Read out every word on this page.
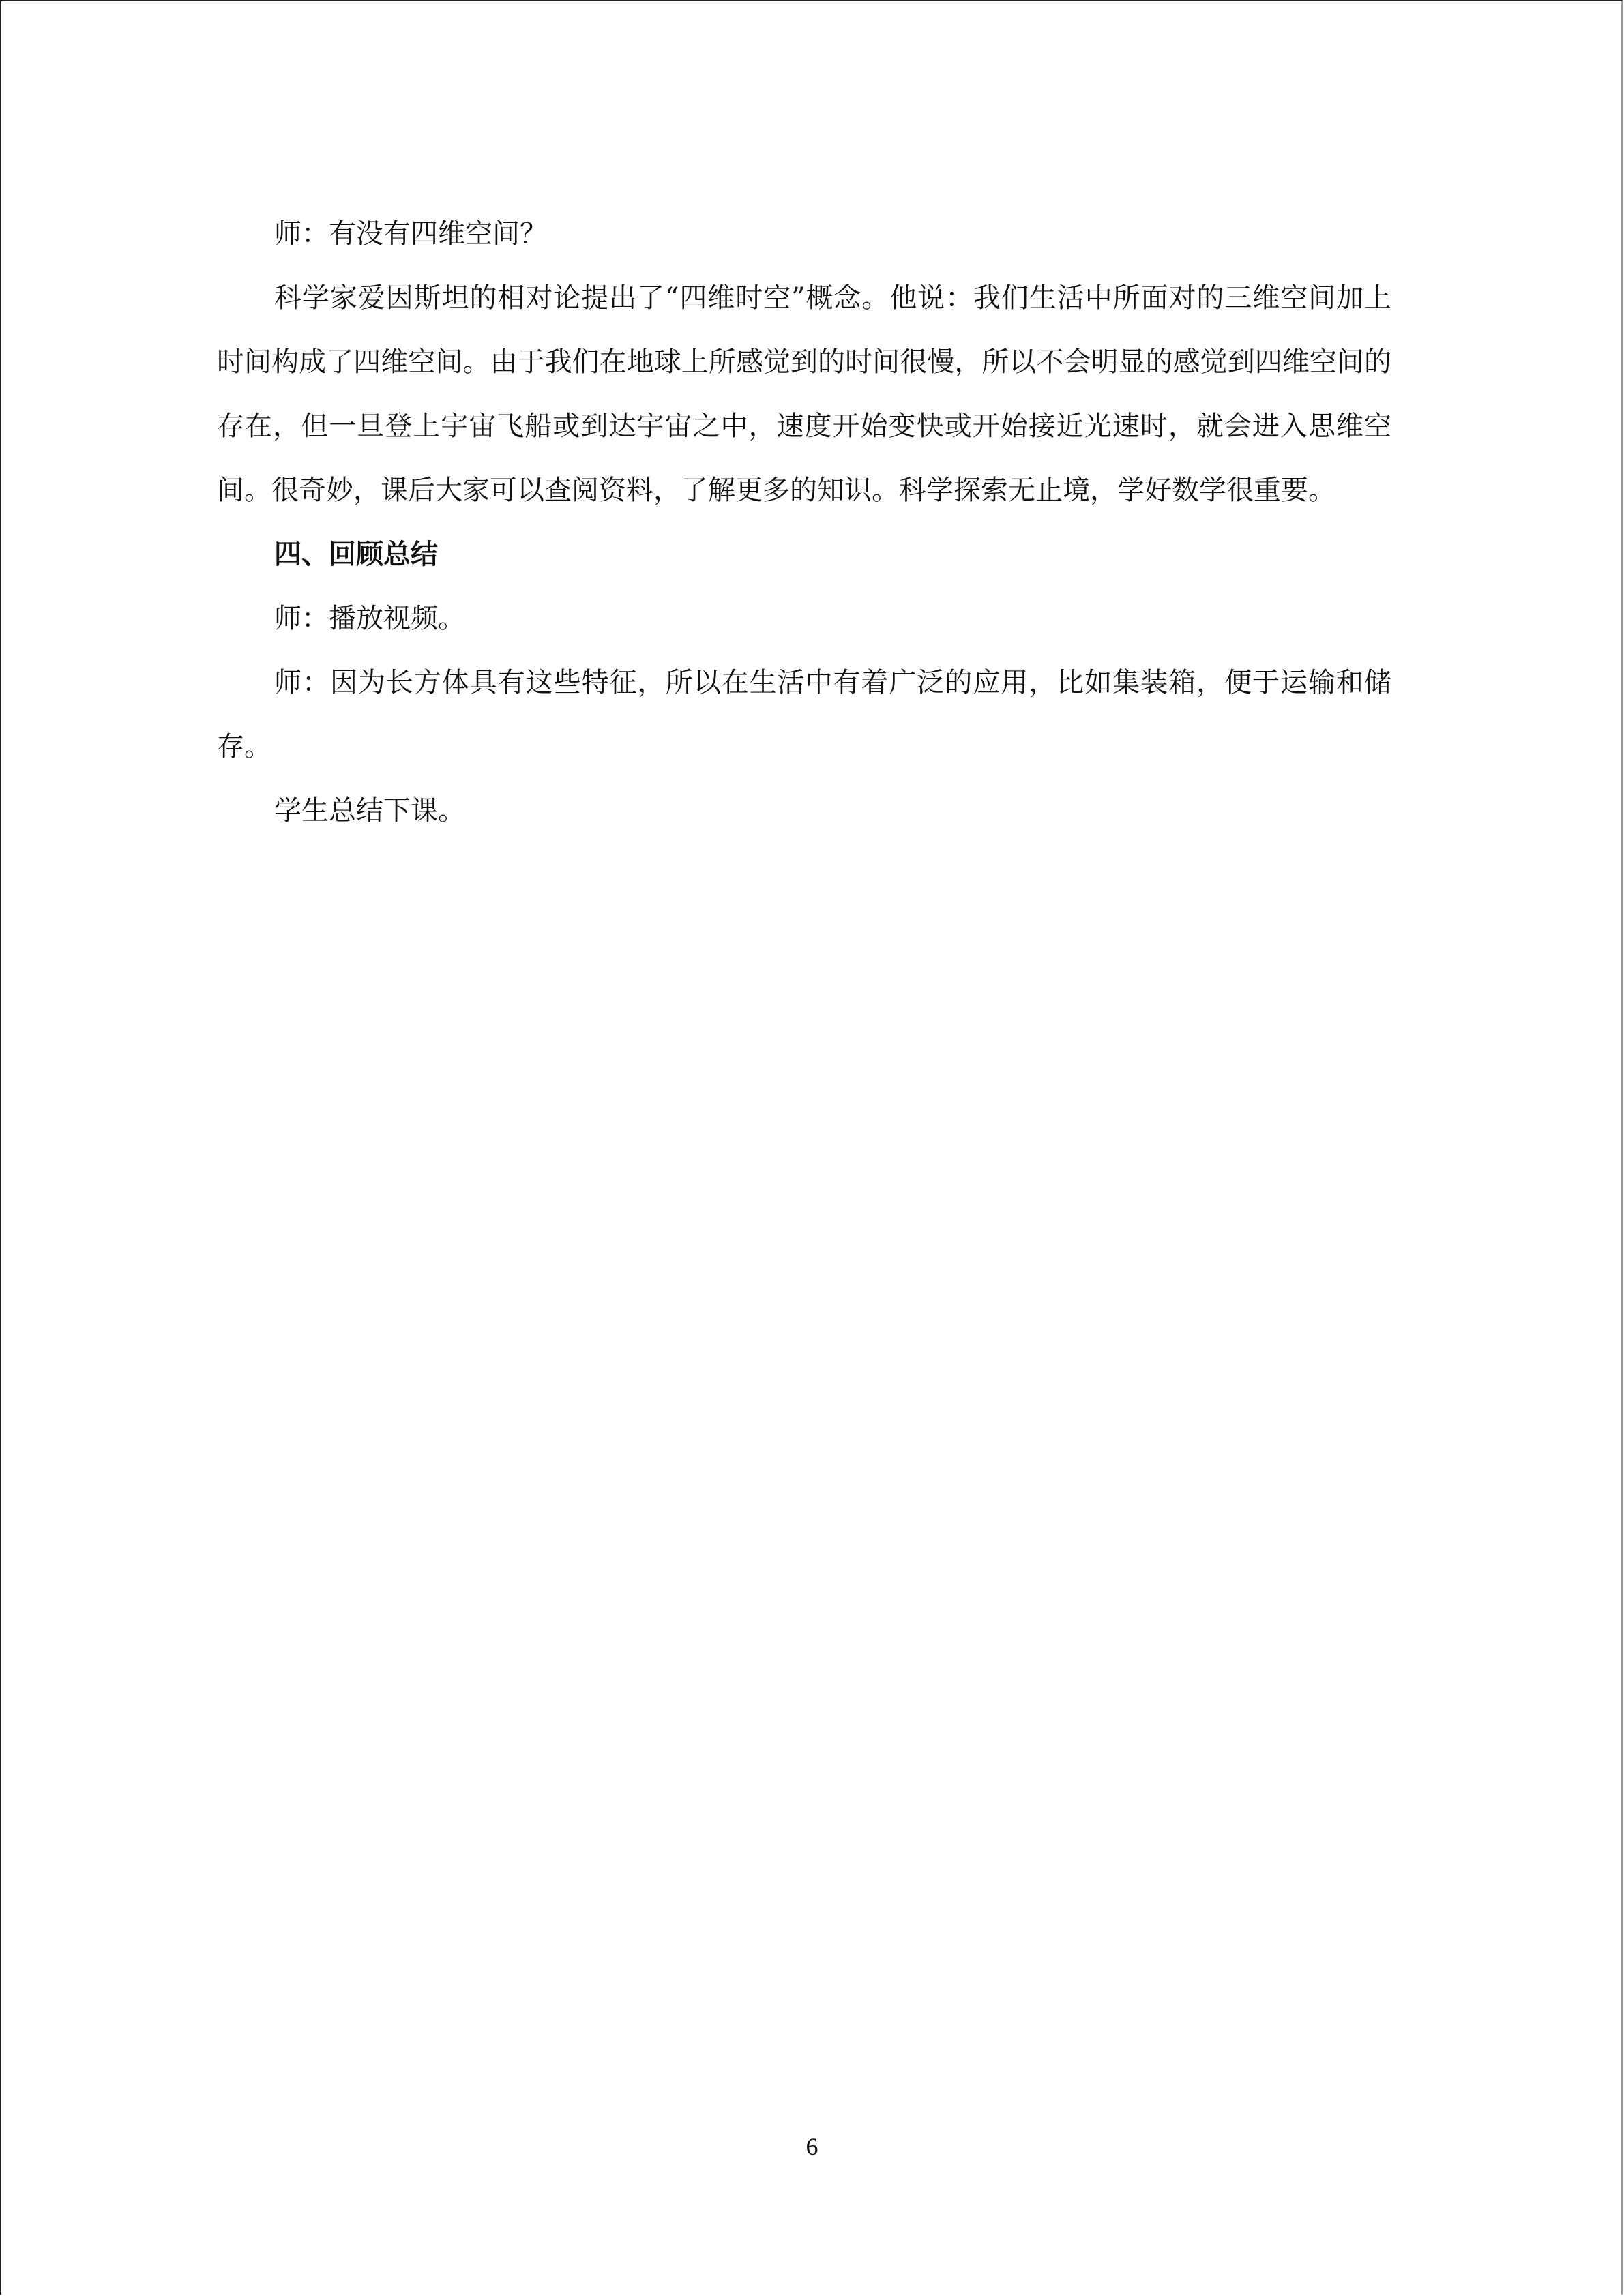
师：有没有四维空间？

科学家爱因斯坦的相对论提出了“四维时空”概念。他说：我们生活中所面对的三维空间加上时间构成了四维空间。由于我们在地球上所感觉到的时间很慢，所以不会明显的感觉到四维空间的存在，但一旦登上宇宙飞船或到达宇宙之中，速度开始变快或开始接近光速时，就会进入思维空间。很奇妙，课后大家可以查阅资料，了解更多的知识。科学探索无止境，学好数学很重要。

四、回顾总结

师：播放视频。

师：因为长方体具有这些特征，所以在生活中有着广泛的应用，比如集装箱，便于运输和储存。

学生总结下课。

6
